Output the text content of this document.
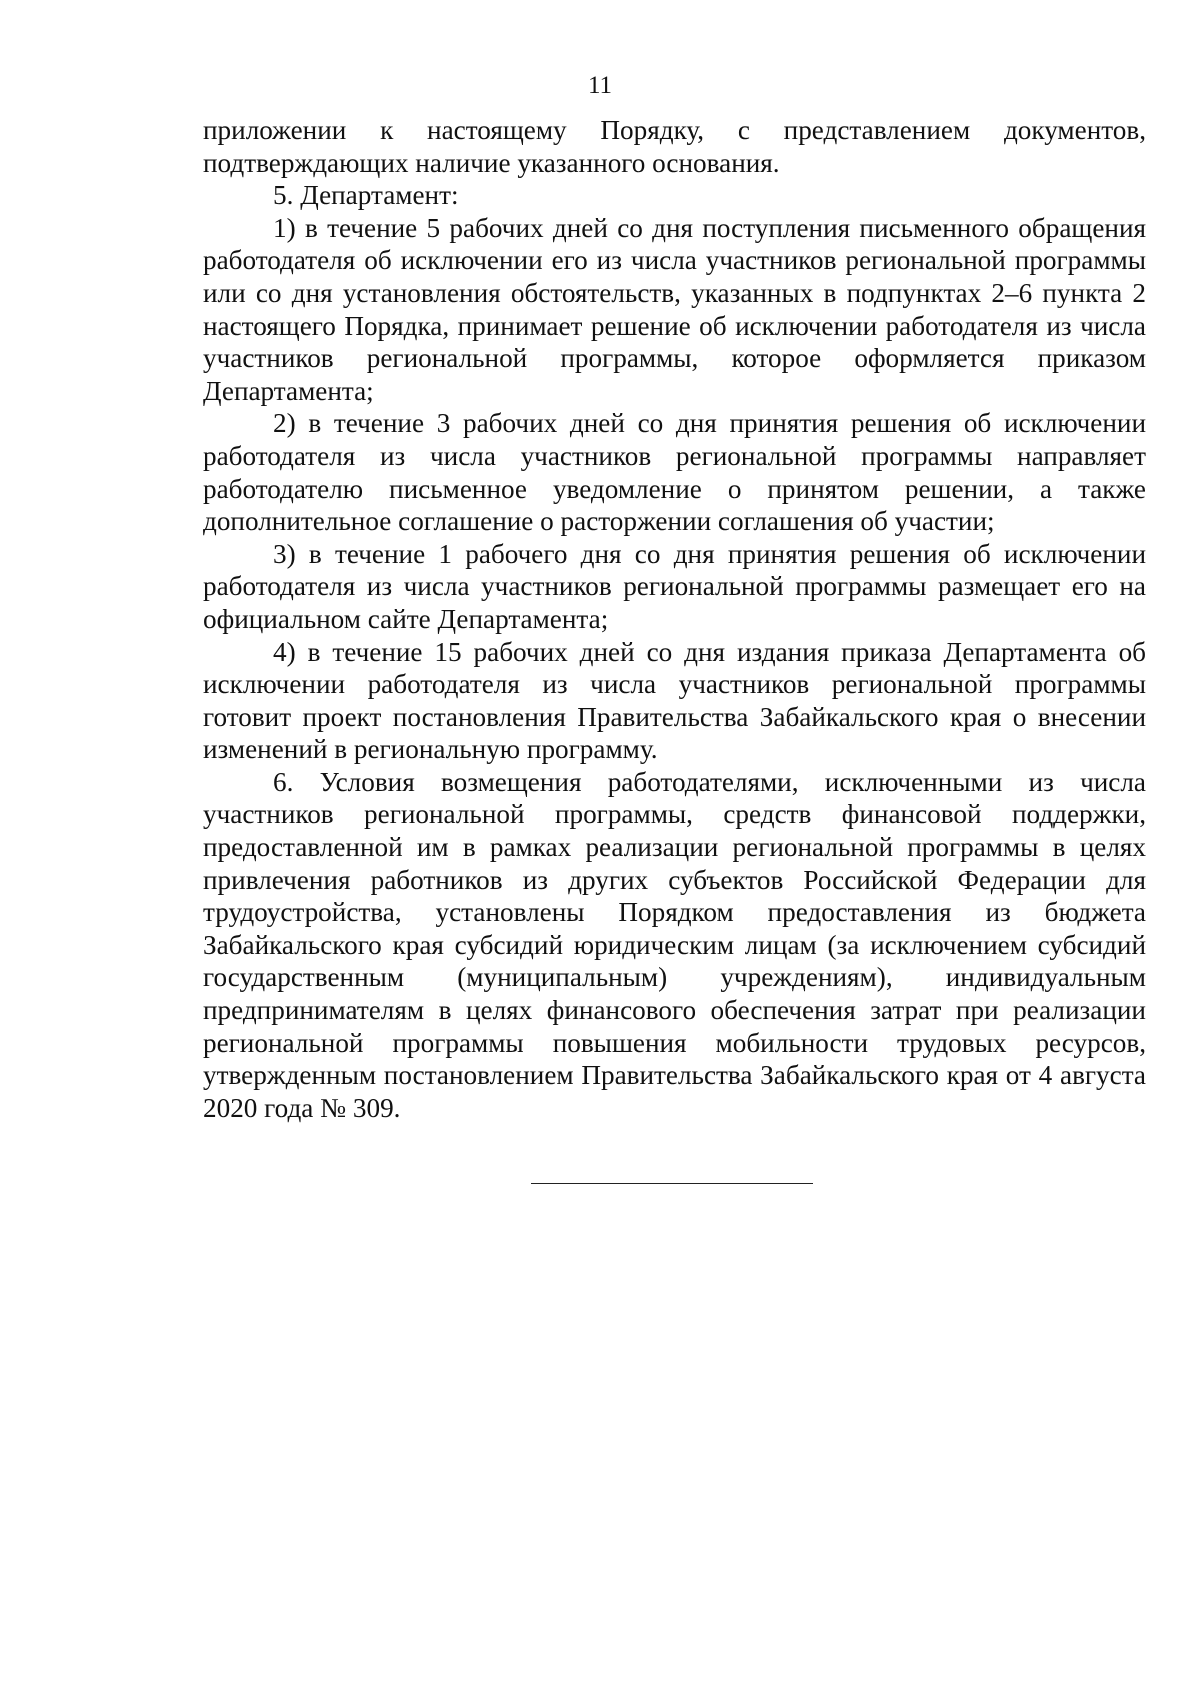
11

приложении к настоящему Порядку, с представлением документов, подтверждающих наличие указанного основания.

5. Департамент:

1) в течение 5 рабочих дней со дня поступления письменного обращения работодателя об исключении его из числа участников региональной программы или со дня установления обстоятельств, указанных в подпунктах 2–6 пункта 2 настоящего Порядка, принимает решение об исключении работодателя из числа участников региональной программы, которое оформляется приказом Департамента;

2) в течение 3 рабочих дней со дня принятия решения об исключении работодателя из числа участников региональной программы направляет работодателю письменное уведомление о принятом решении, а также дополнительное соглашение о расторжении соглашения об участии;

3) в течение 1 рабочего дня со дня принятия решения об исключении работодателя из числа участников региональной программы размещает его на официальном сайте Департамента;

4) в течение 15 рабочих дней со дня издания приказа Департамента об исключении работодателя из числа участников региональной программы готовит проект постановления Правительства Забайкальского края о внесении изменений в региональную программу.

6. Условия возмещения работодателями, исключенными из числа участников региональной программы, средств финансовой поддержки, предоставленной им в рамках реализации региональной программы в целях привлечения работников из других субъектов Российской Федерации для трудоустройства, установлены Порядком предоставления из бюджета Забайкальского края субсидий юридическим лицам (за исключением субсидий государственным (муниципальным) учреждениям), индивидуальным предпринимателям в целях финансового обеспечения затрат при реализации региональной программы повышения мобильности трудовых ресурсов, утвержденным постановлением Правительства Забайкальского края от 4 августа 2020 года № 309.
